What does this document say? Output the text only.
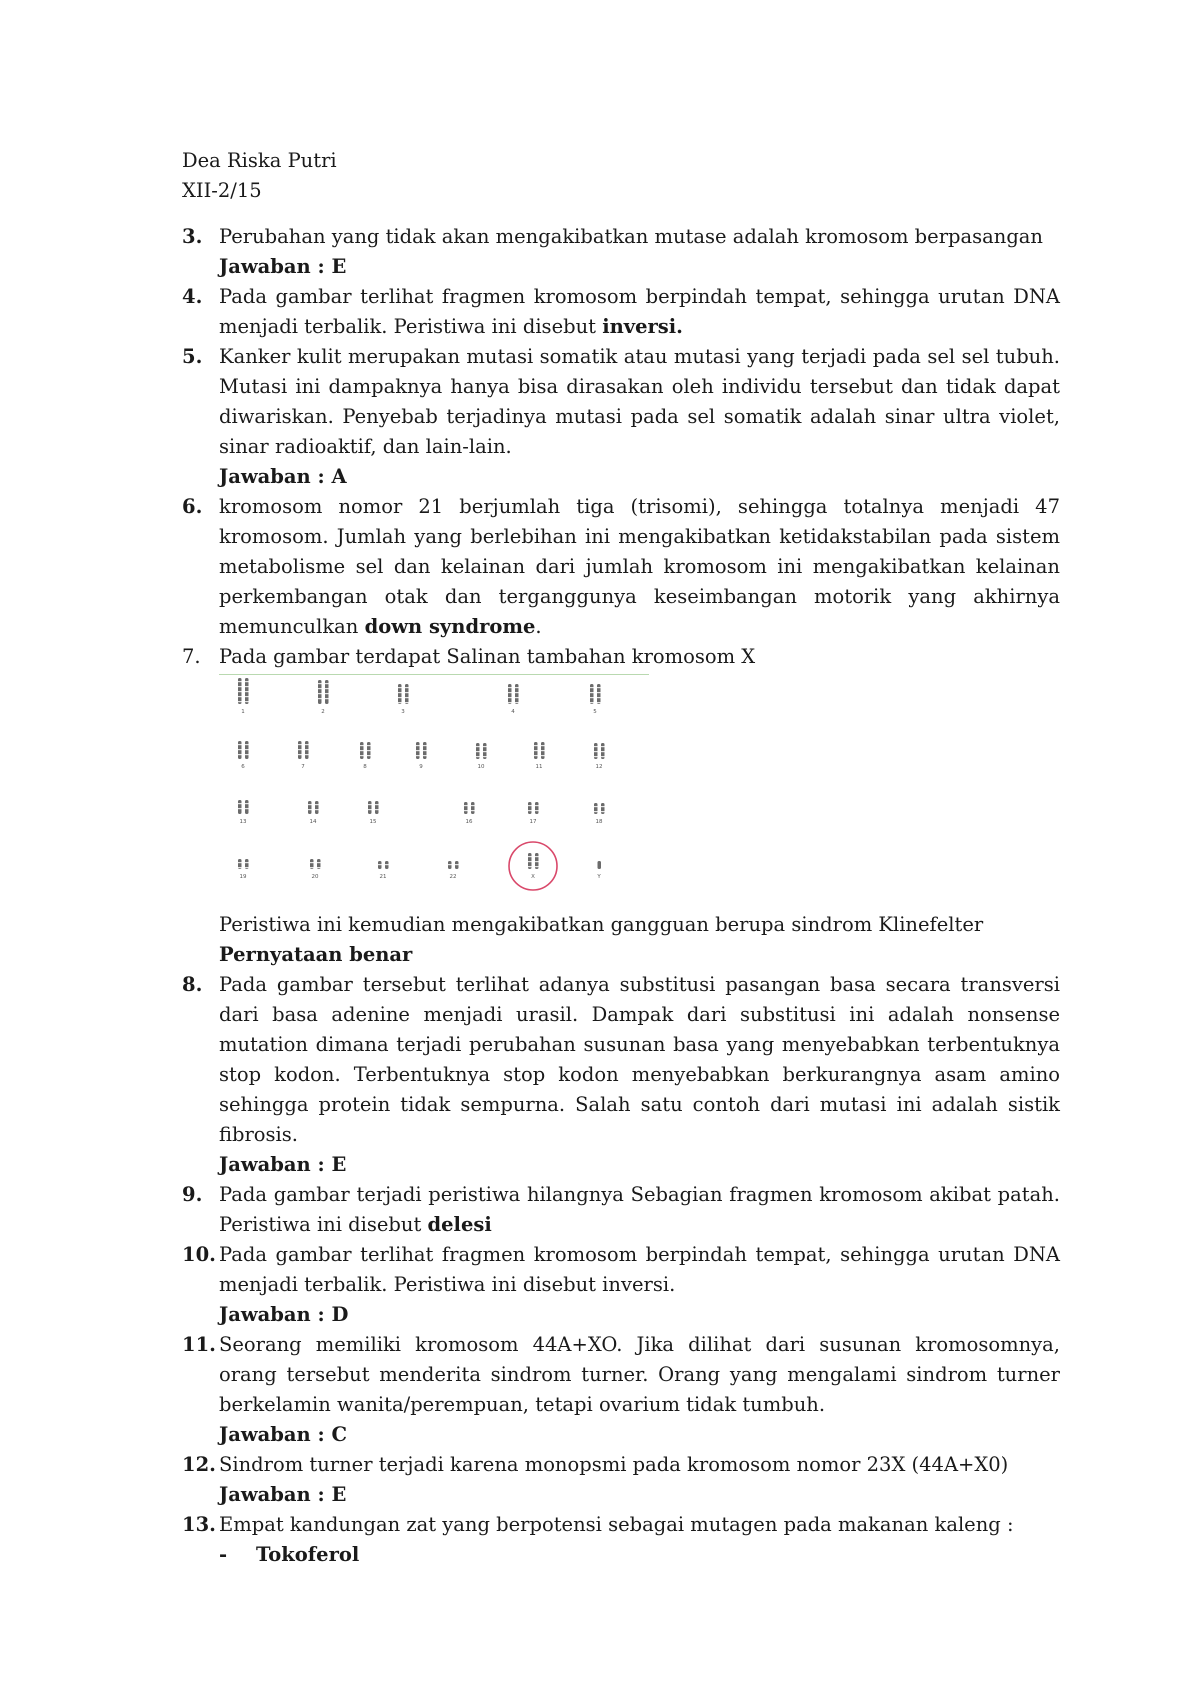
Dea Riska Putri

XII-2/15

3. Perubahan yang tidak akan mengakibatkan mutase adalah kromosom berpasangan

Jawaban : E

4. Pada gambar terlihat fragmen kromosom berpindah tempat, sehingga urutan DNA menjadi terbalik. Peristiwa ini disebut inversi.

5. Kanker kulit merupakan mutasi somatik atau mutasi yang terjadi pada sel sel tubuh. Mutasi ini dampaknya hanya bisa dirasakan oleh individu tersebut dan tidak dapat diwariskan. Penyebab terjadinya mutasi pada sel somatik adalah sinar ultra violet, sinar radioaktif, dan lain-lain.

Jawaban : A

6. kromosom nomor 21 berjumlah tiga (trisomi), sehingga totalnya menjadi 47 kromosom. Jumlah yang berlebihan ini mengakibatkan ketidakstabilan pada sistem metabolisme sel dan kelainan dari jumlah kromosom ini mengakibatkan kelainan perkembangan otak dan terganggunya keseimbangan motorik yang akhirnya memunculkan down syndrome.

7. Pada gambar terdapat Salinan tambahan kromosom X

1	2	3	4	5
6	7	8	9	10	11	12
13	14	15	16	17	18
19	20	21	22	X	Y

Peristiwa ini kemudian mengakibatkan gangguan berupa sindrom Klinefelter

Pernyataan benar

8. Pada gambar tersebut terlihat adanya substitusi pasangan basa secara transversi dari basa adenine menjadi urasil. Dampak dari substitusi ini adalah nonsense mutation dimana terjadi perubahan susunan basa yang menyebabkan terbentuknya stop kodon. Terbentuknya stop kodon menyebabkan berkurangnya asam amino sehingga protein tidak sempurna. Salah satu contoh dari mutasi ini adalah sistik fibrosis.

Jawaban : E

9. Pada gambar terjadi peristiwa hilangnya Sebagian fragmen kromosom akibat patah. Peristiwa ini disebut delesi

10. Pada gambar terlihat fragmen kromosom berpindah tempat, sehingga urutan DNA menjadi terbalik. Peristiwa ini disebut inversi.

Jawaban : D

11. Seorang memiliki kromosom 44A+XO. Jika dilihat dari susunan kromosomnya, orang tersebut menderita sindrom turner. Orang yang mengalami sindrom turner berkelamin wanita/perempuan, tetapi ovarium tidak tumbuh.

Jawaban : C

12. Sindrom turner terjadi karena monopsmi pada kromosom nomor 23X (44A+X0)

Jawaban : E

13. Empat kandungan zat yang berpotensi sebagai mutagen pada makanan kaleng :

- Tokoferol
